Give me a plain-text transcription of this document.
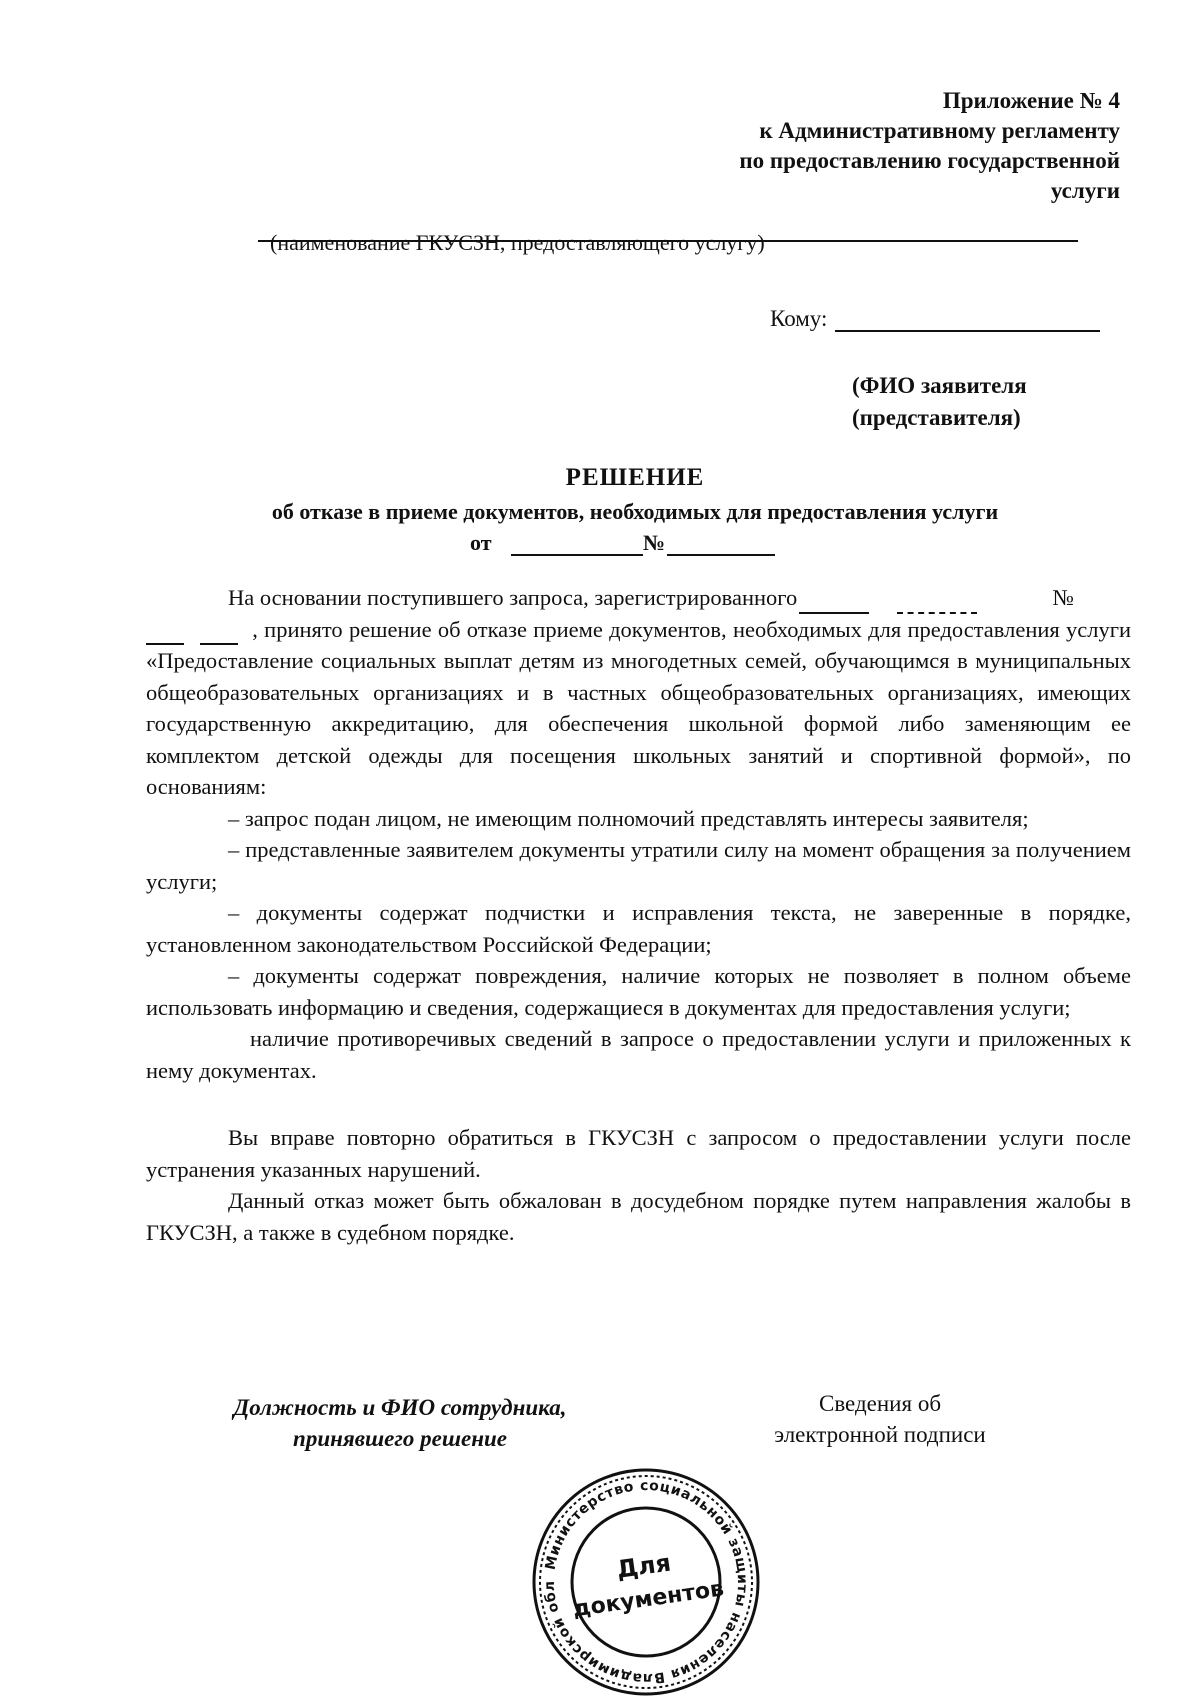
Приложение № 4
к Административному регламенту
по предоставлению государственной
услуги
(наименование ГКУСЗН, предоставляющего услугу)
Кому:
(ФИО заявителя
(представителя)
РЕШЕНИЕ
об отказе в приеме документов, необходимых для предоставления услуги
от	№

На основании поступившего запроса, зарегистрированного	№

, принято решение об отказе приеме документов, необходимых для предоставления услуги «Предоставление социальных выплат детям из многодетных семей, обучающимся в муниципальных общеобразовательных организациях и в частных общеобразовательных организациях, имеющих государственную аккредитацию, для обеспечения школьной формой либо заменяющим ее комплектом детской одежды для посещения школьных занятий и спортивной формой», по основаниям:

– запрос подан лицом, не имеющим полномочий представлять интересы заявителя;

– представленные заявителем документы утратили силу на момент обращения за получением услуги;

– документы содержат подчистки и исправления текста, не заверенные в порядке, установленном законодательством Российской Федерации;

– документы содержат повреждения, наличие которых не позволяет в полном объеме использовать информацию и сведения, содержащиеся в документах для предоставления услуги;

наличие противоречивых сведений в запросе о предоставлении услуги и приложенных к нему документах.

Вы вправе повторно обратиться в ГКУСЗН с запросом о предоставлении услуги после устранения указанных нарушений.

Данный отказ может быть обжалован в досудебном порядке путем направления жалобы в ГКУСЗН, а также в судебном порядке.

Должность и ФИО сотрудника,
принявшего решение
Сведения об
электронной подписи
Министерство социальной защиты населения Владимирской обл
Для
документов
